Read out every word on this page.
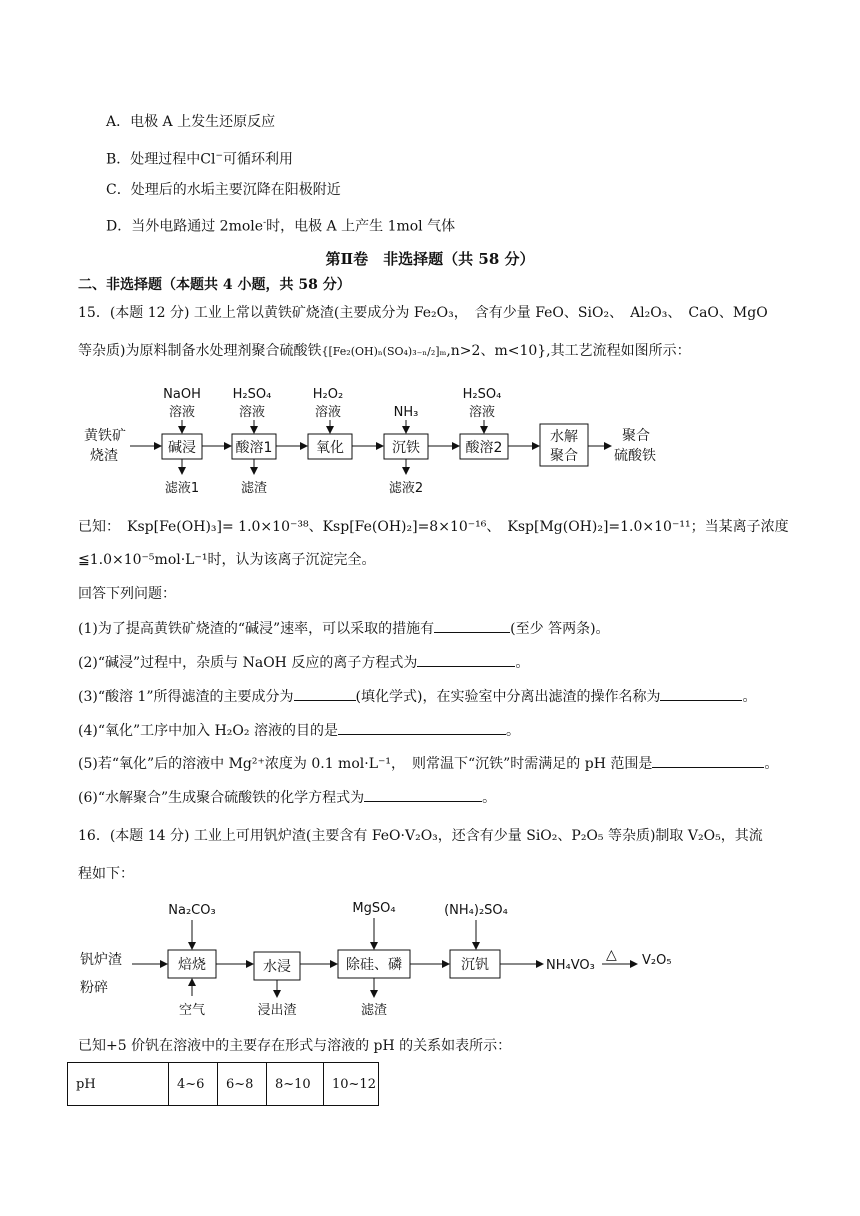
A．电极 A 上发生还原反应
B．处理过程中Cl−可循环利用
C．处理后的水垢主要沉降在阳极附近
D．当外电路通过 2mole-时，电极 A 上产生 1mol 气体
第Ⅱ卷　非选择题（共 58 分）
二、非选择题（本题共 4 小题，共 58 分）
15．(本题 12 分) 工业上常以黄铁矿烧渣(主要成分为 Fe₂O₃，　含有少量 FeO、SiO₂、　Al₂O₃、　CaO、MgO
等杂质)为原料制备水处理剂聚合硫酸铁{[Fe₂(OH)ₙ(SO₄)₃₋ₙ/₂]ₘ,n>2、m<10},其工艺流程如图所示：
黄铁矿
烧渣	碱浸	酸溶1	氧化	沉铁	酸溶2
水解
聚合
聚合
硫酸铁
NaOH
溶液
H₂SO₄
溶液
H₂O₂
溶液	NH₃
H₂SO₄
溶液
滤液1	滤渣	滤液2
已知：　Ksp[Fe(OH)₃]= 1.0×10⁻³⁸、Ksp[Fe(OH)₂]=8×10⁻¹⁶、　Ksp[Mg(OH)₂]=1.0×10⁻¹¹；当某离子浓度
≦1.0×10⁻⁵mol·L⁻¹时，认为该离子沉淀完全。
回答下列问题：
(1)为了提高黄铁矿烧渣的“碱浸”速率，可以采取的措施有	(至少 答两条)。
(2)“碱浸”过程中，杂质与 NaOH 反应的离子方程式为	。
(3)“酸溶 1”所得滤渣的主要成分为	(填化学式)，在实验室中分离出滤渣的操作名称为	。
(4)“氧化”工序中加入 H₂O₂ 溶液的目的是	。
(5)若“氧化”后的溶液中 Mg²⁺浓度为 0.1 mol·L⁻¹，　则常温下“沉铁”时需满足的 pH 范围是	。
(6)“水解聚合”生成聚合硫酸铁的化学方程式为	。
16．(本题 14 分) 工业上可用钒炉渣(主要含有 FeO·V₂O₃，还含有少量 SiO₂、P₂O₅ 等杂质)制取 V₂O₅，其流
程如下：
钒炉渣
粉碎
焙烧	水浸	除硅、磷	沉钒	NH₄VO₃
△ V₂O₅
Na₂CO₃	MgSO₄	(NH₄)₂SO₄
空气	浸出渣	滤渣
已知+5 价钒在溶液中的主要存在形式与溶液的 pH 的关系如表所示：
pH	4~6	6~8	8~10	10~12
